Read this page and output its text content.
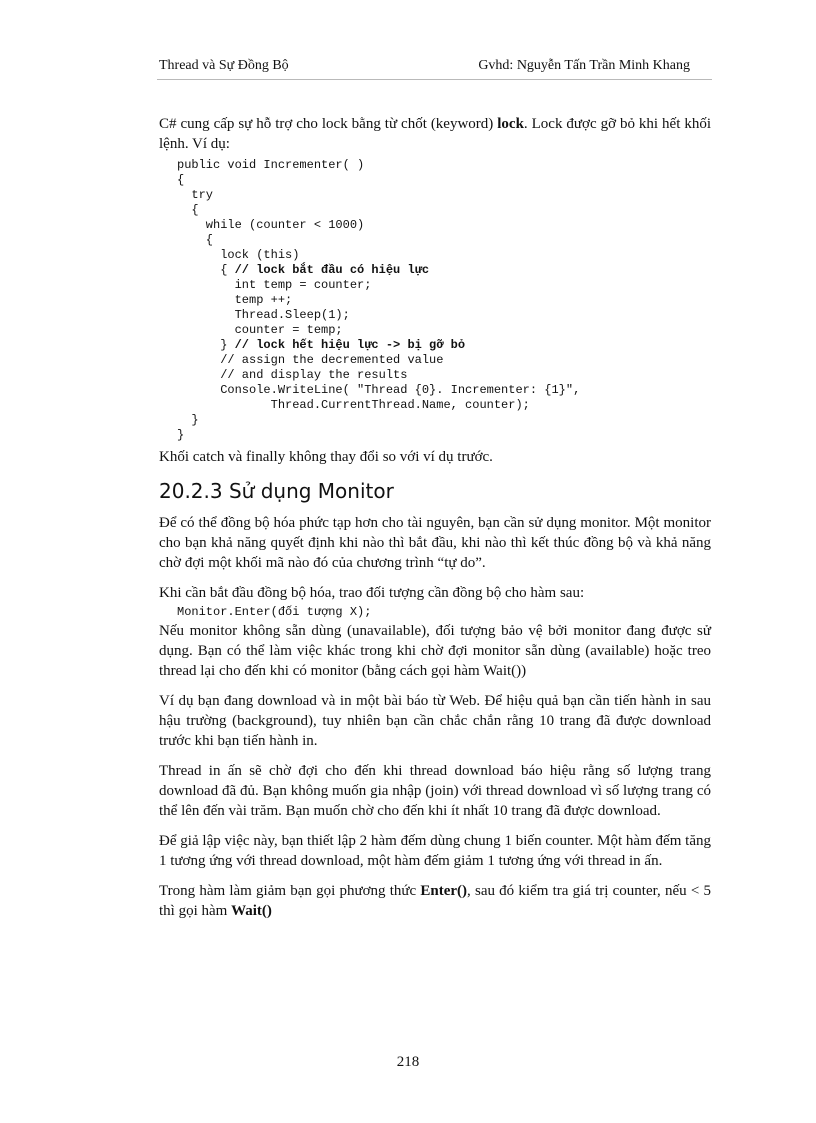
Thread và Sự Đồng Bộ	Gvhd: Nguyễn Tấn Trần Minh Khang

C# cung cấp sự hỗ trợ cho lock bằng từ chốt (keyword) lock. Lock được gỡ bỏ khi hết khối lệnh. Ví dụ:

public void Incrementer( )
{
try
{
while (counter < 1000)
{
lock (this)
{ // lock bắt đầu có hiệu lực
int temp = counter;
temp ++;
Thread.Sleep(1);
counter = temp;
} // lock hết hiệu lực -> bị gỡ bỏ
// assign the decremented value
// and display the results
Console.WriteLine( "Thread {0}. Incrementer: {1}",
Thread.CurrentThread.Name, counter);
}
}

Khối catch và finally không thay đổi so với ví dụ trước.

20.2.3 Sử dụng Monitor

Để có thể đồng bộ hóa phức tạp hơn cho tài nguyên, bạn cần sử dụng monitor. Một monitor cho bạn khả năng quyết định khi nào thì bắt đầu, khi nào thì kết thúc đồng bộ và khả năng chờ đợi một khối mã nào đó của chương trình “tự do”.

Khi cần bắt đầu đồng bộ hóa, trao đối tượng cần đồng bộ cho hàm sau:

Monitor.Enter(đối tượng X);

Nếu monitor không sẵn dùng (unavailable), đối tượng bảo vệ bởi monitor đang được sử dụng. Bạn có thể làm việc khác trong khi chờ đợi monitor sẵn dùng (available) hoặc treo thread lại cho đến khi có monitor (bằng cách gọi hàm Wait())

Ví dụ bạn đang download và in một bài báo từ Web. Để hiệu quả bạn cần tiến hành in sau hậu trường (background), tuy nhiên bạn cần chắc chắn rằng 10 trang đã được download trước khi bạn tiến hành in.

Thread in ấn sẽ chờ đợi cho đến khi thread download báo hiệu rằng số lượng trang download đã đủ. Bạn không muốn gia nhập (join) với thread download vì số lượng trang có thể lên đến vài trăm. Bạn muốn chờ cho đến khi ít nhất 10 trang đã được download.

Để giả lập việc này, bạn thiết lập 2 hàm đếm dùng chung 1 biến counter. Một hàm đếm tăng 1 tương ứng với thread download, một hàm đếm giảm 1 tương ứng với thread in ấn.

Trong hàm làm giảm bạn gọi phương thức Enter(), sau đó kiểm tra giá trị counter, nếu < 5 thì gọi hàm Wait()

218
